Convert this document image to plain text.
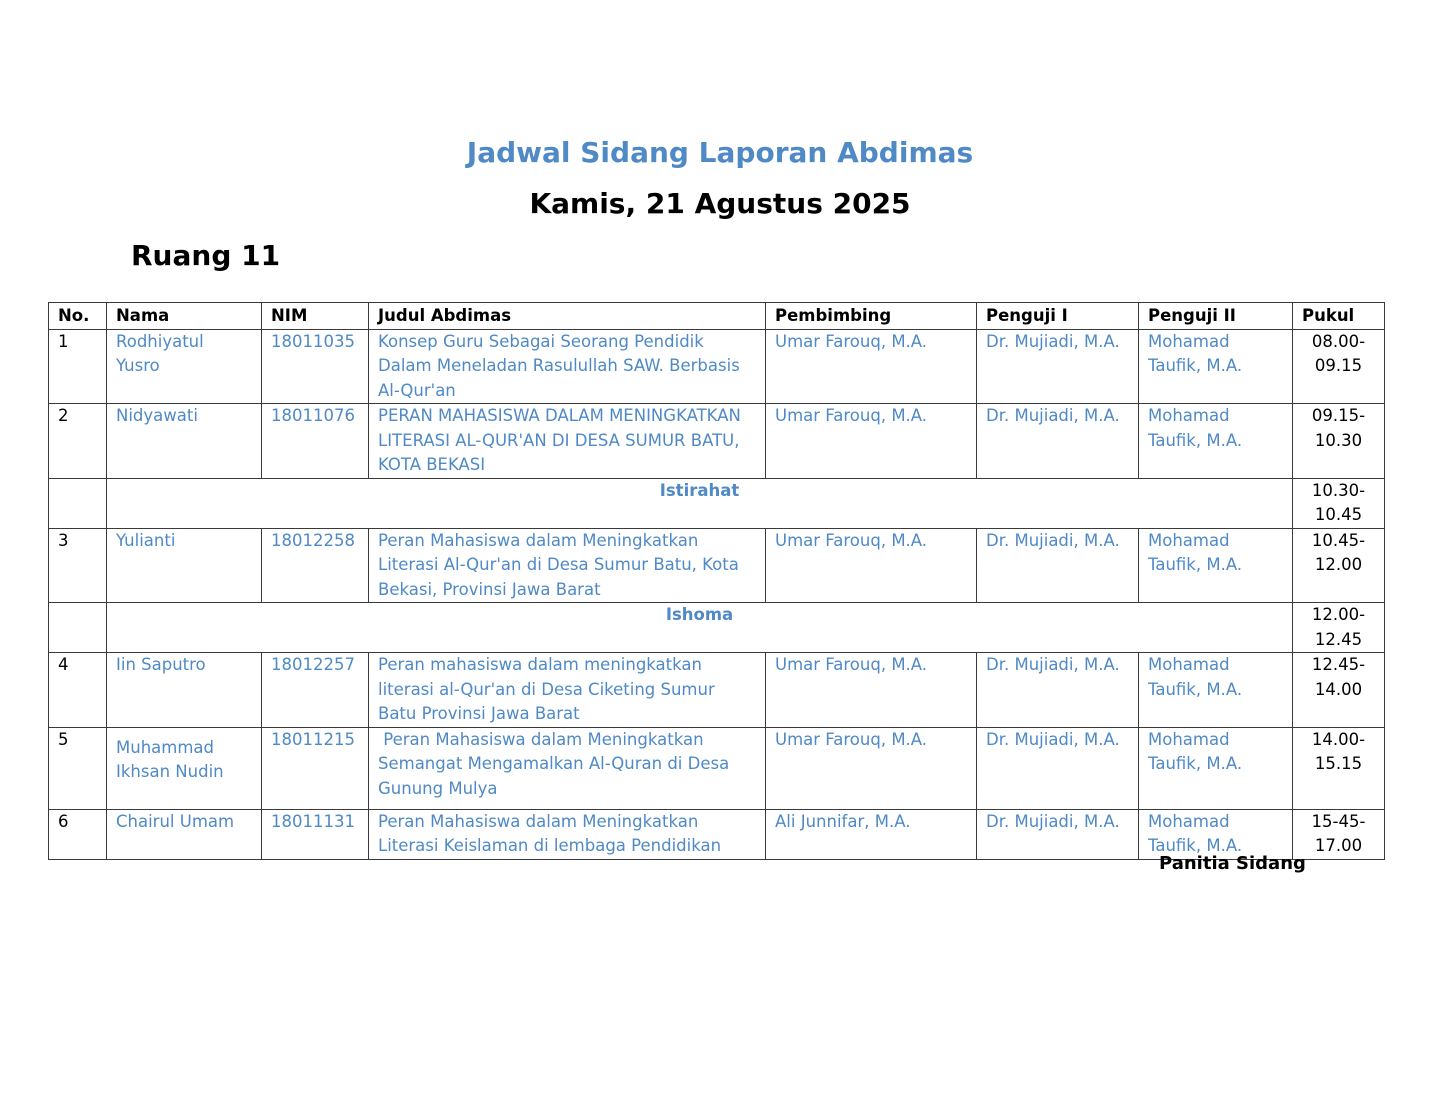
Jadwal Sidang Laporan Abdimas
Kamis, 21 Agustus 2025
Ruang 11
No.	Nama	NIM	Judul Abdimas	Pembimbing	Penguji I	Penguji II	Pukul
1	Rodhiyatul Yusro	18011035	Konsep Guru Sebagai Seorang Pendidik Dalam Meneladan Rasulullah SAW. Berbasis Al-Qur'an	Umar Farouq, M.A.	Dr. Mujiadi, M.A.	Mohamad Taufik, M.A.	08.00-09.15
2	Nidyawati	18011076	PERAN MAHASISWA DALAM MENINGKATKAN LITERASI AL-QUR'AN DI DESA SUMUR BATU, KOTA BEKASI	Umar Farouq, M.A.	Dr. Mujiadi, M.A.	Mohamad Taufik, M.A.	09.15-10.30
	Istirahat						10.30-10.45
3	Yulianti	18012258	Peran Mahasiswa dalam Meningkatkan Literasi Al-Qur'an di Desa Sumur Batu, Kota Bekasi, Provinsi Jawa Barat	Umar Farouq, M.A.	Dr. Mujiadi, M.A.	Mohamad Taufik, M.A.	10.45-12.00
	Ishoma						12.00-12.45
4	Iin Saputro	18012257	Peran mahasiswa dalam meningkatkan literasi al-Qur'an di Desa Ciketing Sumur Batu Provinsi Jawa Barat	Umar Farouq, M.A.	Dr. Mujiadi, M.A.	Mohamad Taufik, M.A.	12.45-14.00
5	Muhammad Ikhsan Nudin	18011215	Peran Mahasiswa dalam Meningkatkan Semangat Mengamalkan Al-Quran di Desa Gunung Mulya	Umar Farouq, M.A.	Dr. Mujiadi, M.A.	Mohamad Taufik, M.A.	14.00-15.15
6	Chairul Umam	18011131	Peran Mahasiswa dalam Meningkatkan Literasi Keislaman di lembaga Pendidikan	Ali Junnifar, M.A.	Dr. Mujiadi, M.A.	Mohamad Taufik, M.A.	15-45-17.00
Panitia Sidang
